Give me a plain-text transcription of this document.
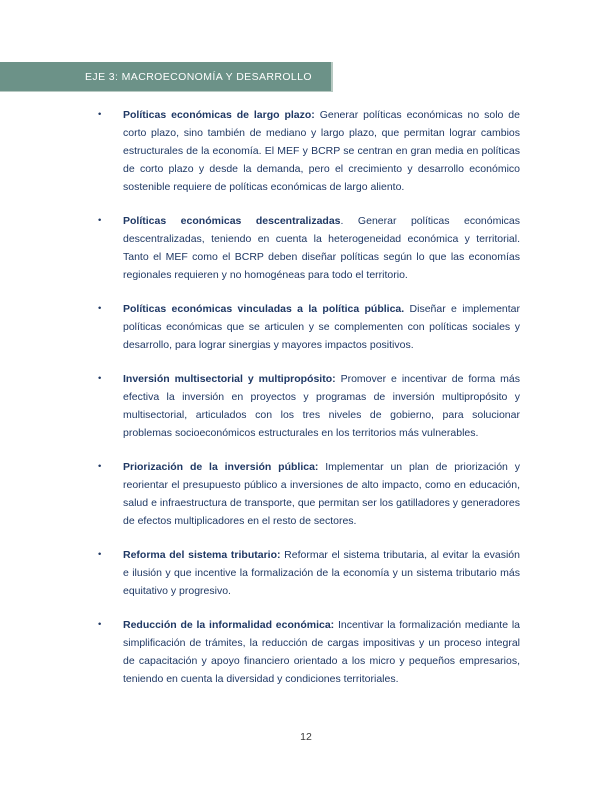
EJE 3: MACROECONOMÍA Y DESARROLLO
•	Políticas económicas de largo plazo: Generar políticas económicas no solo de corto plazo, sino también de mediano y largo plazo, que permitan lograr cambios estructurales de la economía. El MEF y BCRP se centran en gran media en políticas de corto plazo y desde la demanda, pero el crecimiento y desarrollo económico sostenible requiere de políticas económicas de largo aliento.

•	Políticas económicas descentralizadas. Generar políticas económicas descentralizadas, teniendo en cuenta la heterogeneidad económica y territorial. Tanto el MEF como el BCRP deben diseñar políticas según lo que las economías regionales requieren y no homogéneas para todo el territorio.

•	Políticas económicas vinculadas a la política pública. Diseñar e implementar políticas económicas que se articulen y se complementen con políticas sociales y desarrollo, para lograr sinergias y mayores impactos positivos.

•	Inversión multisectorial y multipropósito: Promover e incentivar de forma más efectiva la inversión en proyectos y programas de inversión multipropósito y multisectorial, articulados con los tres niveles de gobierno, para solucionar problemas socioeconómicos estructurales en los territorios más vulnerables.

•	Priorización de la inversión pública: Implementar un plan de priorización y reorientar el presupuesto público a inversiones de alto impacto, como en educación, salud e infraestructura de transporte, que permitan ser los gatilladores y generadores de efectos multiplicadores en el resto de sectores.

•	Reforma del sistema tributario: Reformar el sistema tributaria, al evitar la evasión e ilusión y que incentive la formalización de la economía y un sistema tributario más equitativo y progresivo.

•	Reducción de la informalidad económica: Incentivar la formalización mediante la simplificación de trámites, la reducción de cargas impositivas y un proceso integral de capacitación y apoyo financiero orientado a los micro y pequeños empresarios, teniendo en cuenta la diversidad y condiciones territoriales.

12
